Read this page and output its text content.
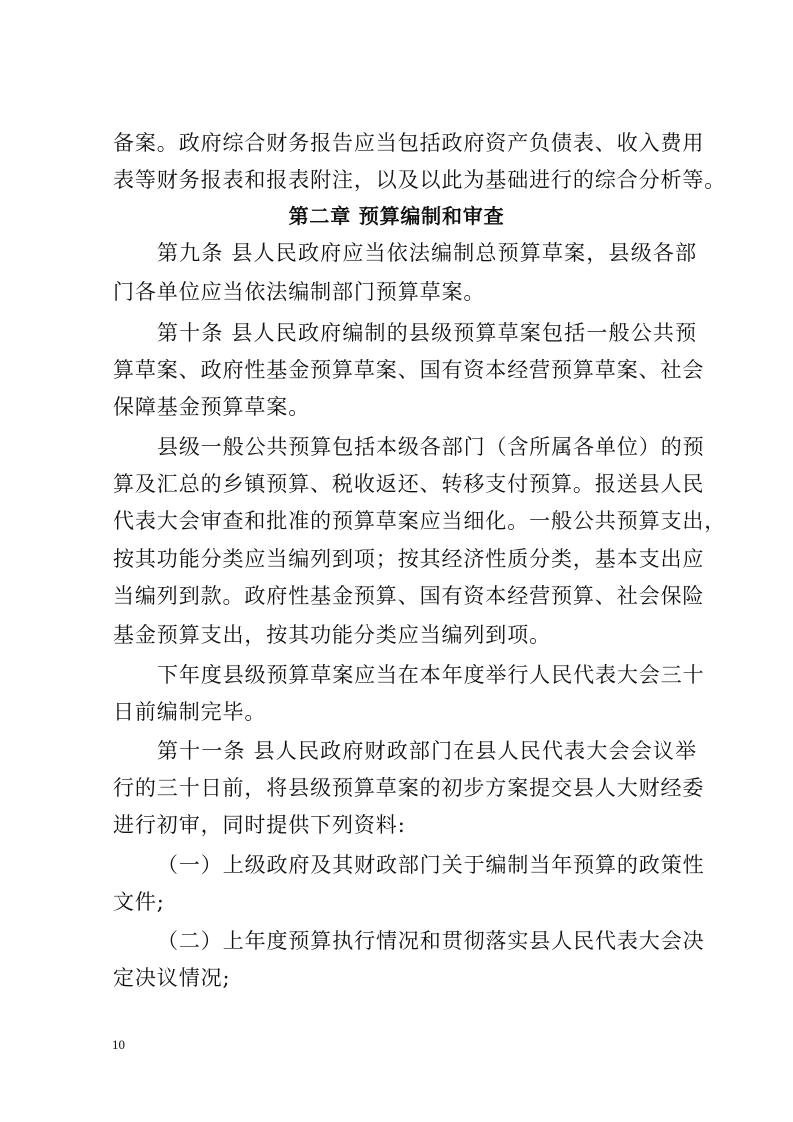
备案。政府综合财务报告应当包括政府资产负债表、收入费用
表等财务报表和报表附注，以及以此为基础进行的综合分析等。
第二章 预算编制和审查
第九条 县人民政府应当依法编制总预算草案，县级各部
门各单位应当依法编制部门预算草案。
第十条 县人民政府编制的县级预算草案包括一般公共预
算草案、政府性基金预算草案、国有资本经营预算草案、社会
保障基金预算草案。
县级一般公共预算包括本级各部门（含所属各单位）的预
算及汇总的乡镇预算、税收返还、转移支付预算。报送县人民
代表大会审查和批准的预算草案应当细化。一般公共预算支出，
按其功能分类应当编列到项；按其经济性质分类，基本支出应
当编列到款。政府性基金预算、国有资本经营预算、社会保险
基金预算支出，按其功能分类应当编列到项。
下年度县级预算草案应当在本年度举行人民代表大会三十
日前编制完毕。
第十一条 县人民政府财政部门在县人民代表大会会议举
行的三十日前，将县级预算草案的初步方案提交县人大财经委
进行初审，同时提供下列资料:
（一）上级政府及其财政部门关于编制当年预算的政策性
文件;
（二）上年度预算执行情况和贯彻落实县人民代表大会决
定决议情况;
10
